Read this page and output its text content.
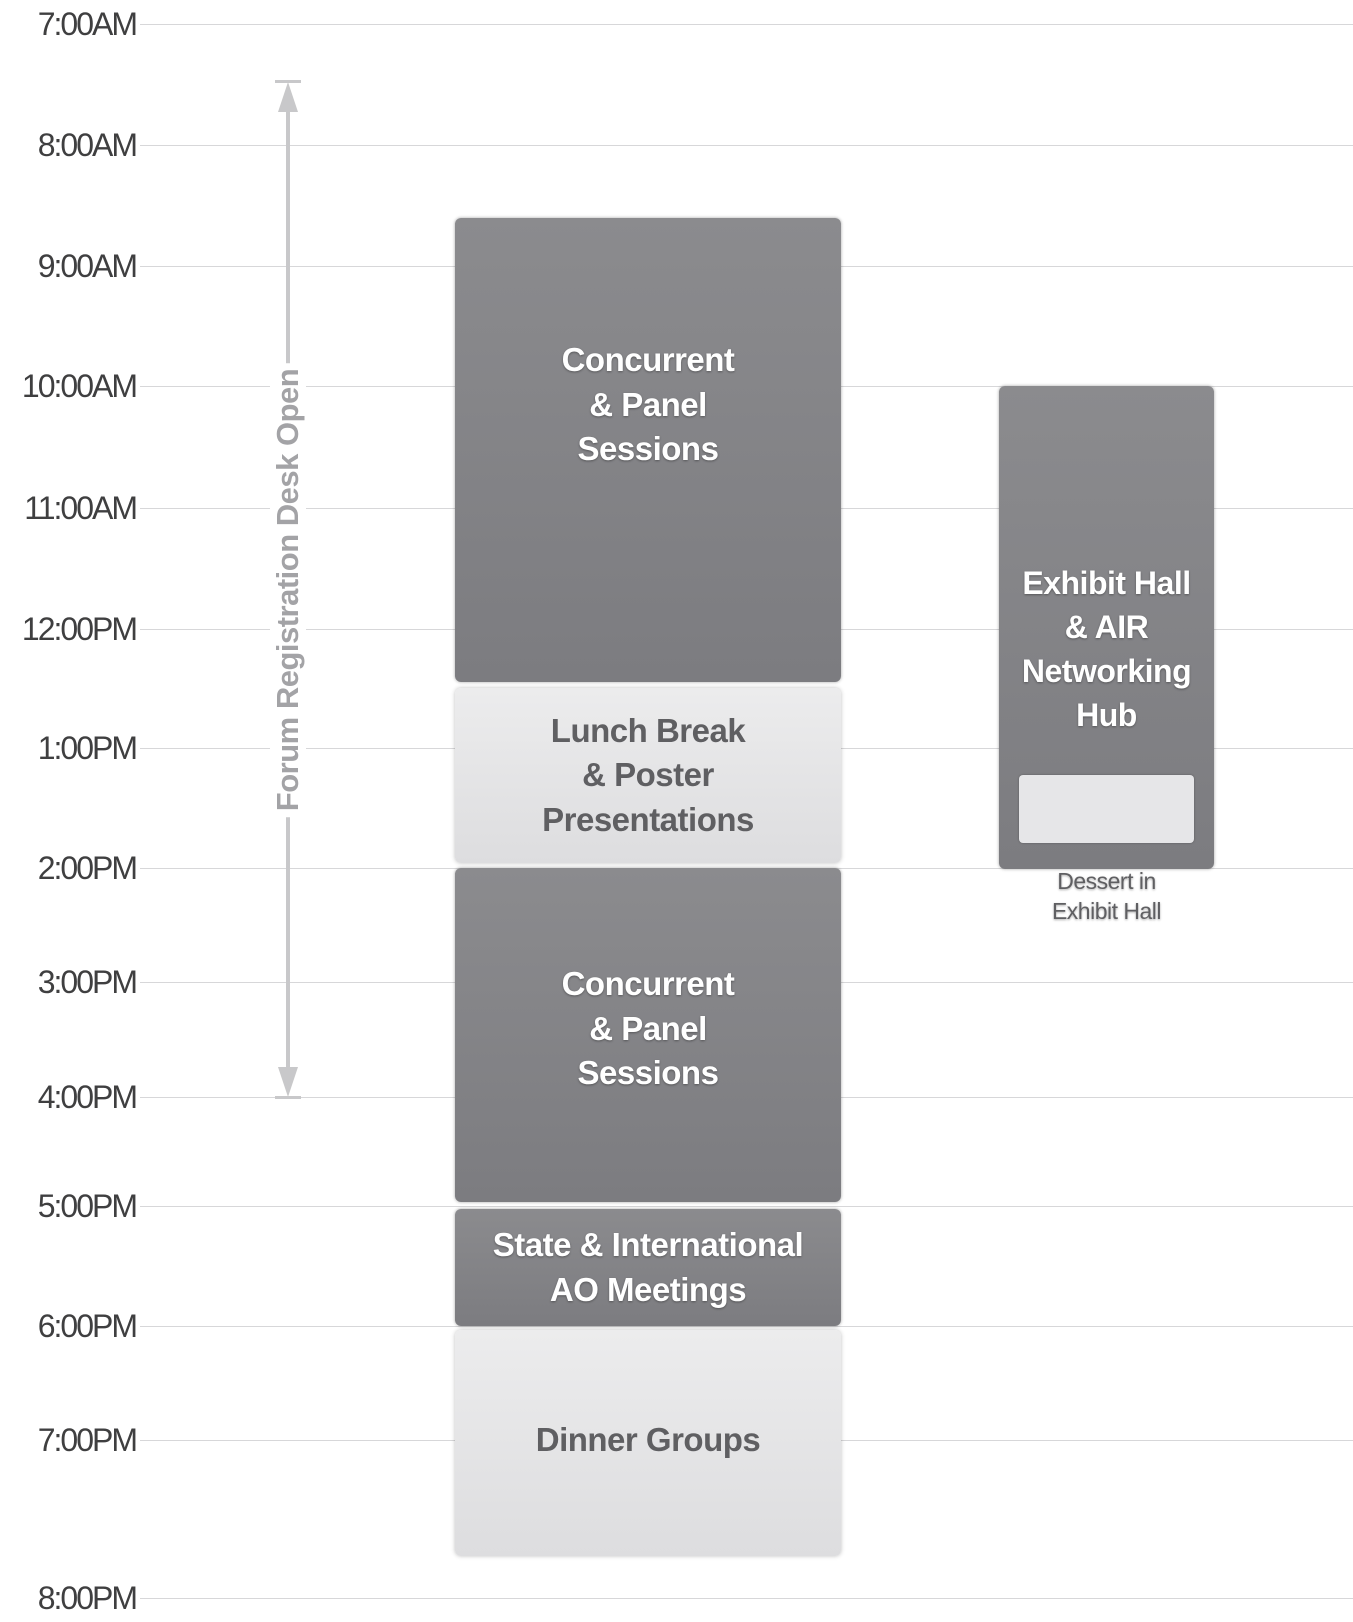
7:00AM
8:00AM
9:00AM
10:00AM
11:00AM
12:00PM
1:00PM
2:00PM
3:00PM
4:00PM
5:00PM
6:00PM
7:00PM
8:00PM
Forum Registration Desk Open
Concurrent
& Panel
Sessions
Lunch Break
& Poster
Presentations
Concurrent
& Panel
Sessions
State & International
AO Meetings
Dinner Groups
Exhibit Hall
& AIR
Networking
Hub
Dessert in
Exhibit Hall
